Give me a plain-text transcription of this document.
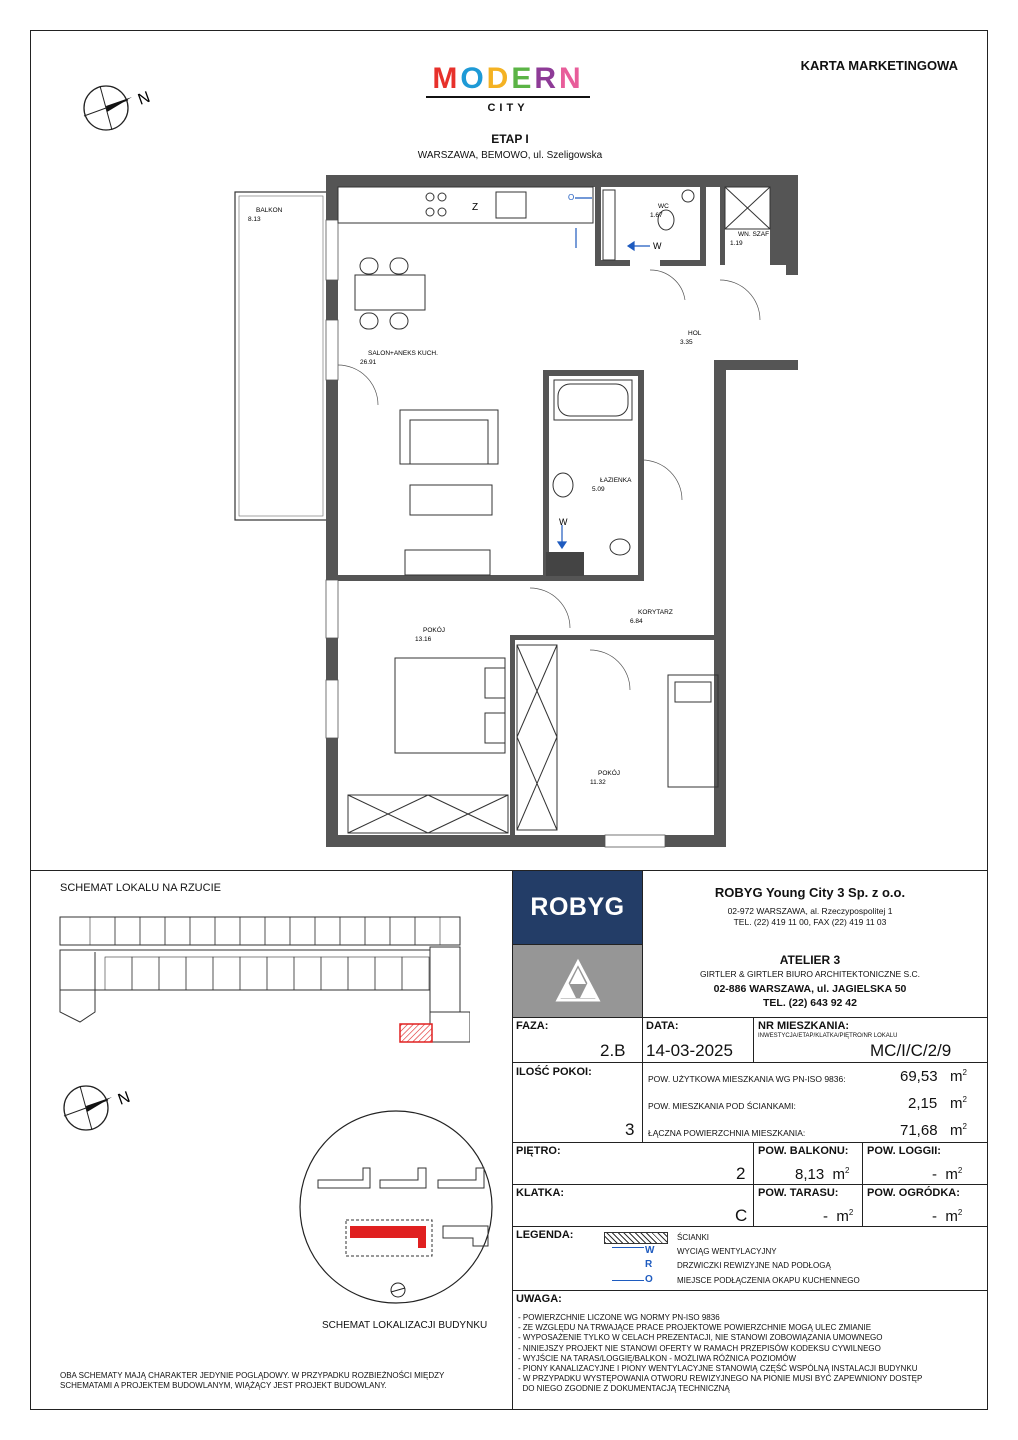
KARTA MARKETINGOWA
MODERN
CITY
ETAP I
WARSZAWA, BEMOWO, ul. Szeligowska
N
Z
W
W
O
BALKON
8.13
SALON+ANEKS KUCH.
26.91
WC
1.67
WN. SZAF
1.19
HOL
3.35
ŁAZIENKA
5.09
POKÓJ
13.16
KORYTARZ
6.84
POKÓJ
11.32
SCHEMAT LOKALU NA RZUCIE
N
SCHEMAT LOKALIZACJI BUDYNKU
OBA SCHEMATY MAJĄ CHARAKTER JEDYNIE POGLĄDOWY. W PRZYPADKU ROZBIEŻNOŚCI MIĘDZY SCHEMATAMI A PROJEKTEM BUDOWLANYM, WIĄŻĄCY JEST PROJEKT BUDOWLANY.
ROBYG
ROBYG Young City 3 Sp. z o.o.
02-972 WARSZAWA, al. Rzeczypospolitej 1
TEL. (22) 419 11 00, FAX (22) 419 11 03
ATELIER 3
GIRTLER & GIRTLER BIURO ARCHITEKTONICZNE S.C.
02-886 WARSZAWA, ul. JAGIELSKA 50
TEL. (22) 643 92 42
FAZA:
2.B
DATA:
14-03-2025
NR MIESZKANIA:
INWESTYCJA/ETAP/KLATKA/PIĘTRO/NR LOKALU
MC/I/C/2/9
ILOŚĆ POKOI:
3
POW. UŻYTKOWA MIESZKANIA WG PN-ISO 9836:	69,53 $m^2$
POW. MIESZKANIA POD ŚCIANKAMI:	2,15 $m^2$
ŁĄCZNA POWIERZCHNIA MIESZKANIA:	71,68 $m^2$
PIĘTRO:
2
POW. BALKONU:
8,13 $m^2$
POW. LOGGII:
- $m^2$
KLATKA:
C
POW. TARASU:
- $m^2$
POW. OGRÓDKA:
- $m^2$
LEGENDA:	ŚCIANKI
W	WYCIĄG WENTYLACYJNY
R	DRZWICZKI REWIZYJNE NAD PODŁOGĄ
O	MIEJSCE PODŁĄCZENIA OKAPU KUCHENNEGO
UWAGA:
- POWIERZCHNIE LICZONE WG NORMY PN-ISO 9836
- ZE WZGLĘDU NA TRWAJĄCE PRACE PROJEKTOWE POWIERZCHNIE MOGĄ ULEC ZMIANIE
- WYPOSAŻENIE TYLKO W CELACH PREZENTACJI, NIE STANOWI ZOBOWIĄZANIA UMOWNEGO
- NINIEJSZY PROJEKT NIE STANOWI OFERTY W RAMACH PRZEPISÓW KODEKSU CYWILNEGO
- WYJŚCIE NA TARAS/LOGGIĘ/BALKON - MOŻLIWA RÓŻNICA POZIOMÓW
- PIONY KANALIZACYJNE I PIONY WENTYLACYJNE STANOWIĄ CZĘŚĆ WSPÓLNĄ INSTALACJI BUDYNKU
- W PRZYPADKU WYSTĘPOWANIA OTWORU REWIZYJNEGO NA PIONIE MUSI BYĆ ZAPEWNIONY DOSTĘP
DO NIEGO ZGODNIE Z DOKUMENTACJĄ TECHNICZNĄ
